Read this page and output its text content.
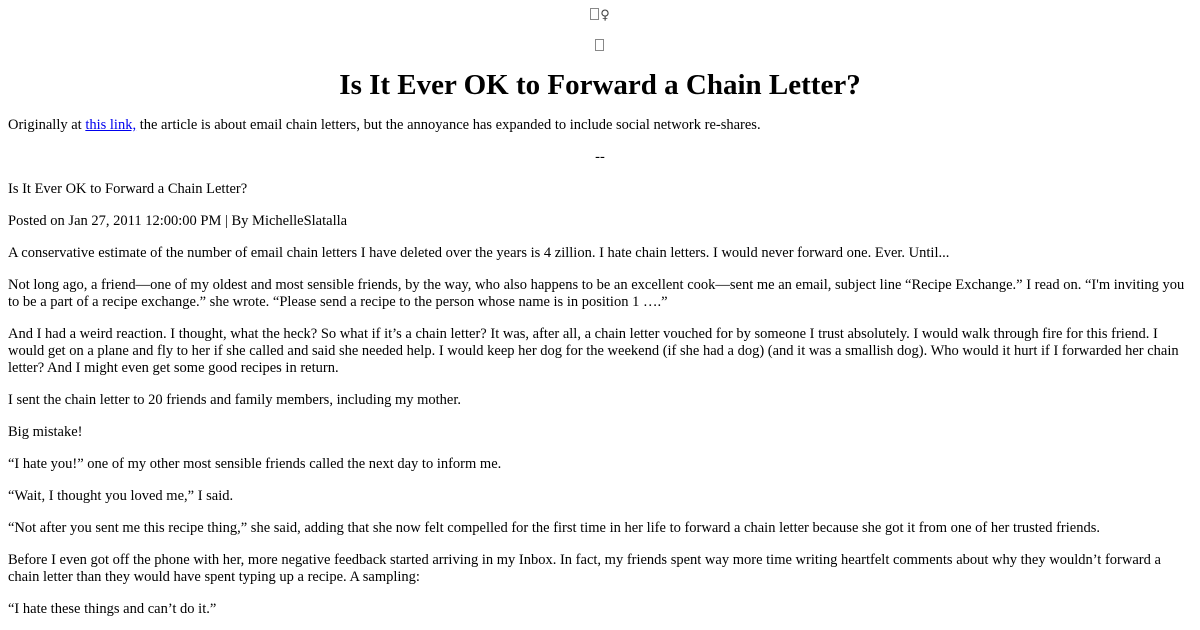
♀
Is It Ever OK to Forward a Chain Letter?

Originally at this link, the article is about email chain letters, but the annoyance has expanded to include social network re-shares.

--

Is It Ever OK to Forward a Chain Letter?

Posted on Jan 27, 2011 12:00:00 PM | By MichelleSlatalla

A conservative estimate of the number of email chain letters I have deleted over the years is 4 zillion. I hate chain letters. I would never forward one. Ever. Until...

Not long ago, a friend—one of my oldest and most sensible friends, by the way, who also happens to be an excellent cook—sent me an email, subject line “Recipe Exchange.” I read on. “I'm inviting you to be a part of a recipe exchange.” she wrote. “Please send a recipe to the person whose name is in position 1 ….”

And I had a weird reaction. I thought, what the heck? So what if it’s a chain letter? It was, after all, a chain letter vouched for by someone I trust absolutely. I would walk through fire for this friend. I would get on a plane and fly to her if she called and said she needed help. I would keep her dog for the weekend (if she had a dog) (and it was a smallish dog). Who would it hurt if I forwarded her chain letter? And I might even get some good recipes in return.

I sent the chain letter to 20 friends and family members, including my mother.

Big mistake!

“I hate you!” one of my other most sensible friends called the next day to inform me.

“Wait, I thought you loved me,” I said.

“Not after you sent me this recipe thing,” she said, adding that she now felt compelled for the first time in her life to forward a chain letter because she got it from one of her trusted friends.

Before I even got off the phone with her, more negative feedback started arriving in my Inbox. In fact, my friends spent way more time writing heartfelt comments about why they wouldn’t forward a chain letter than they would have spent typing up a recipe. A sampling:

“I hate these things and can’t do it.”
